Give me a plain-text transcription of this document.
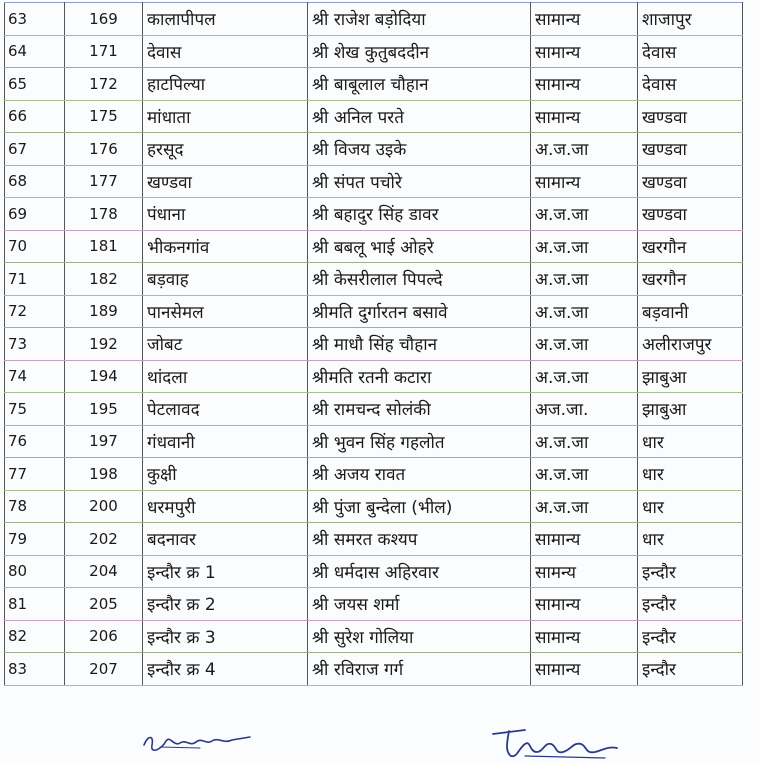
63	169	कालापीपल	श्री राजेश बड़ोदिया	सामान्य	शाजापुर
64	171	देवास	श्री शेख कुतुबददीन	सामान्य	देवास
65	172	हाटपिल्या	श्री बाबूलाल चौहान	सामान्य	देवास
66	175	मांधाता	श्री अनिल परते	सामान्य	खण्डवा
67	176	हरसूद	श्री विजय उइके	अ.ज.जा	खण्डवा
68	177	खण्डवा	श्री संपत पचोरे	सामान्य	खण्डवा
69	178	पंधाना	श्री बहादुर सिंह डावर	अ.ज.जा	खण्डवा
70	181	भीकनगांव	श्री बबलू भाई ओहरे	अ.ज.जा	खरगौन
71	182	बड़वाह	श्री केसरीलाल पिपल्दे	अ.ज.जा	खरगौन
72	189	पानसेमल	श्रीमति दुर्गारतन बसावे	अ.ज.जा	बड़वानी
73	192	जोबट	श्री माधौ सिंह चौहान	अ.ज.जा	अलीराजपुर
74	194	थांदला	श्रीमति रतनी कटारा	अ.ज.जा	झाबुआ
75	195	पेटलावद	श्री रामचन्द सोलंकी	अज.जा.	झाबुआ
76	197	गंधवानी	श्री भुवन सिंह गहलोत	अ.ज.जा	धार
77	198	कुक्षी	श्री अजय रावत	अ.ज.जा	धार
78	200	धरमपुरी	श्री पुंजा बुन्देला (भील)	अ.ज.जा	धार
79	202	बदनावर	श्री समरत कश्यप	सामान्य	धार
80	204	इन्दौर क्र 1	श्री धर्मदास अहिरवार	सामन्य	इन्दौर
81	205	इन्दौर क्र 2	श्री जयस शर्मा	सामान्य	इन्दौर
82	206	इन्दौर क्र 3	श्री सुरेश गोलिया	सामान्य	इन्दौर
83	207	इन्दौर क्र 4	श्री रविराज गर्ग	सामान्य	इन्दौर
